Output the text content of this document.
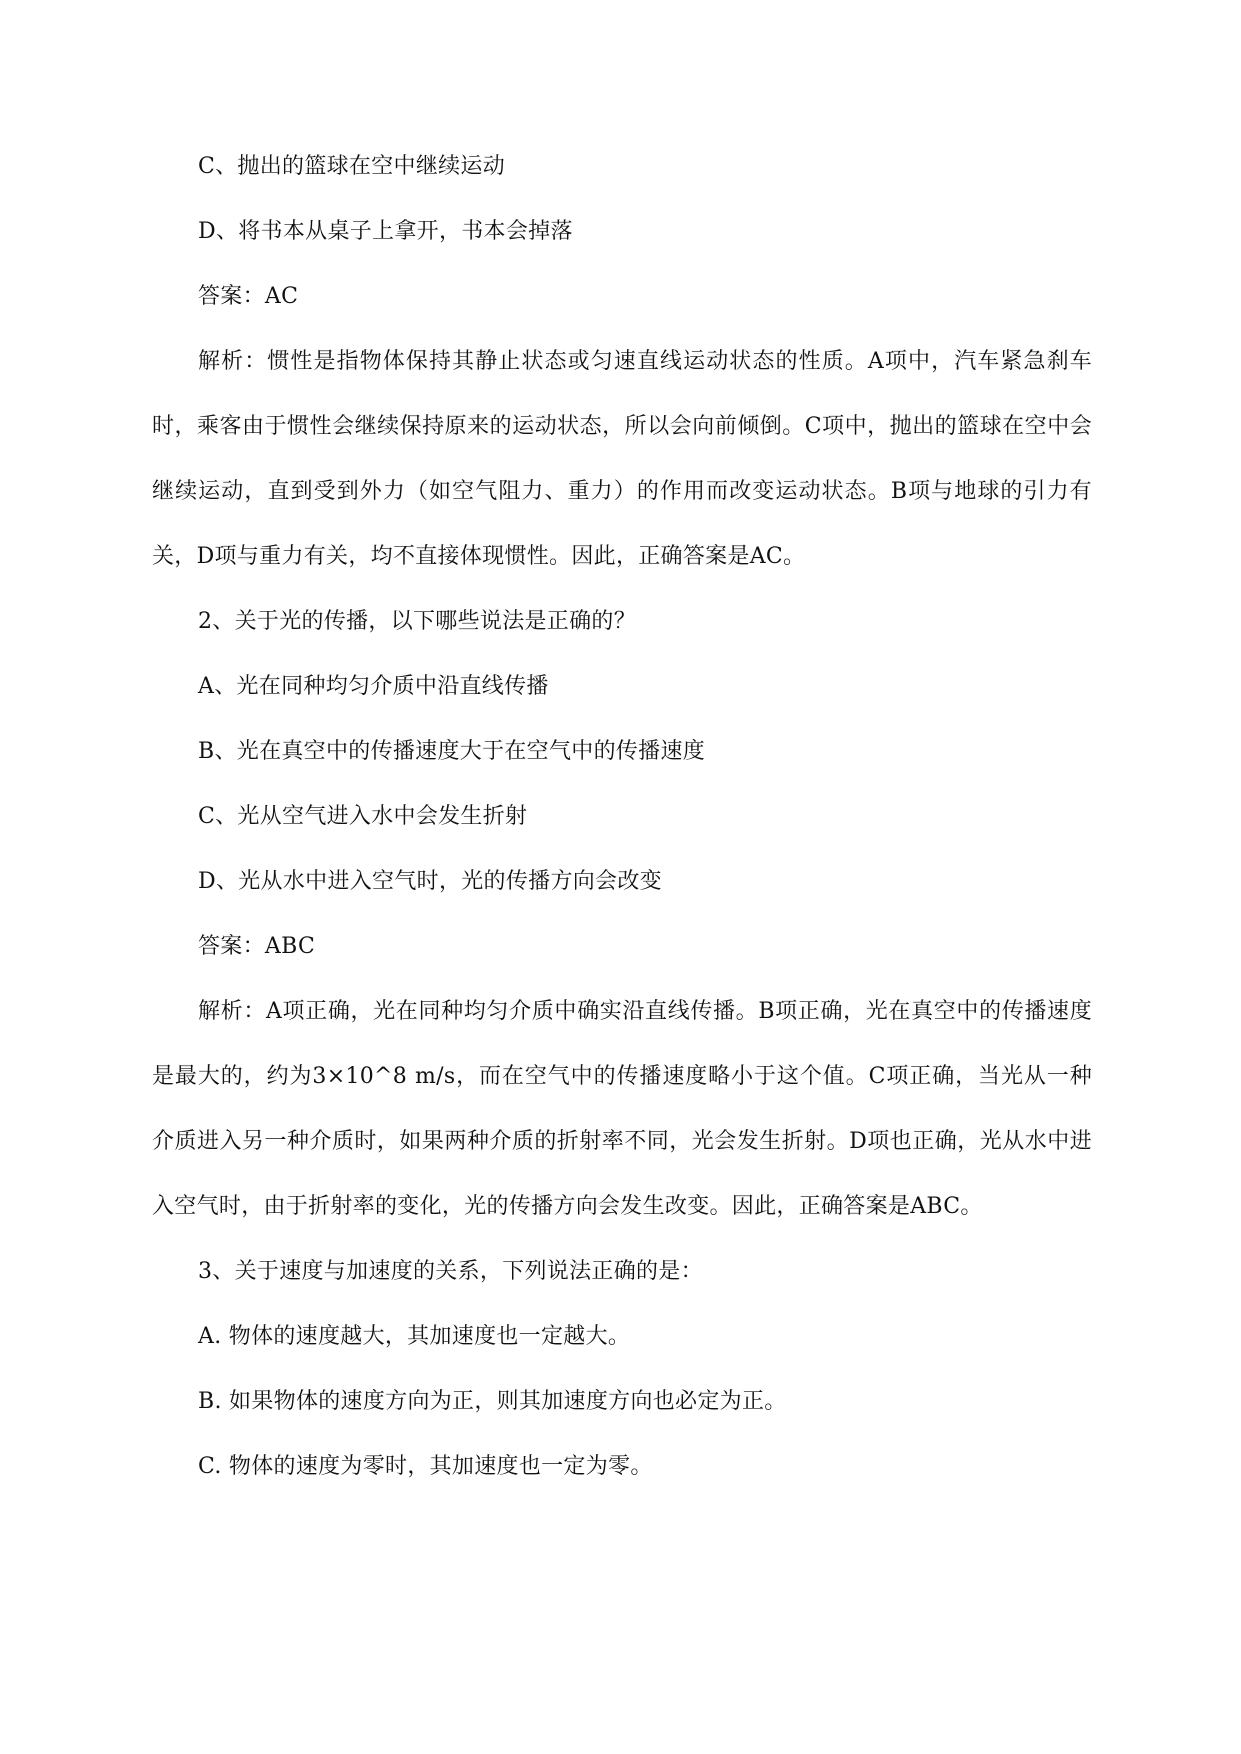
C、抛出的篮球在空中继续运动

D、将书本从桌子上拿开，书本会掉落

答案：AC

解析：惯性是指物体保持其静止状态或匀速直线运动状态的性质。A项中，汽车紧急刹车时，乘客由于惯性会继续保持原来的运动状态，所以会向前倾倒。C项中，抛出的篮球在空中会继续运动，直到受到外力（如空气阻力、重力）的作用而改变运动状态。B项与地球的引力有关，D项与重力有关，均不直接体现惯性。因此，正确答案是AC。

2、关于光的传播，以下哪些说法是正确的？

A、光在同种均匀介质中沿直线传播

B、光在真空中的传播速度大于在空气中的传播速度

C、光从空气进入水中会发生折射

D、光从水中进入空气时，光的传播方向会改变

答案：ABC

解析：A项正确，光在同种均匀介质中确实沿直线传播。B项正确，光在真空中的传播速度是最大的，约为3×10^8 m/s，而在空气中的传播速度略小于这个值。C项正确，当光从一种介质进入另一种介质时，如果两种介质的折射率不同，光会发生折射。D项也正确，光从水中进入空气时，由于折射率的变化，光的传播方向会发生改变。因此，正确答案是ABC。

3、关于速度与加速度的关系，下列说法正确的是：

A. 物体的速度越大，其加速度也一定越大。

B. 如果物体的速度方向为正，则其加速度方向也必定为正。

C. 物体的速度为零时，其加速度也一定为零。
